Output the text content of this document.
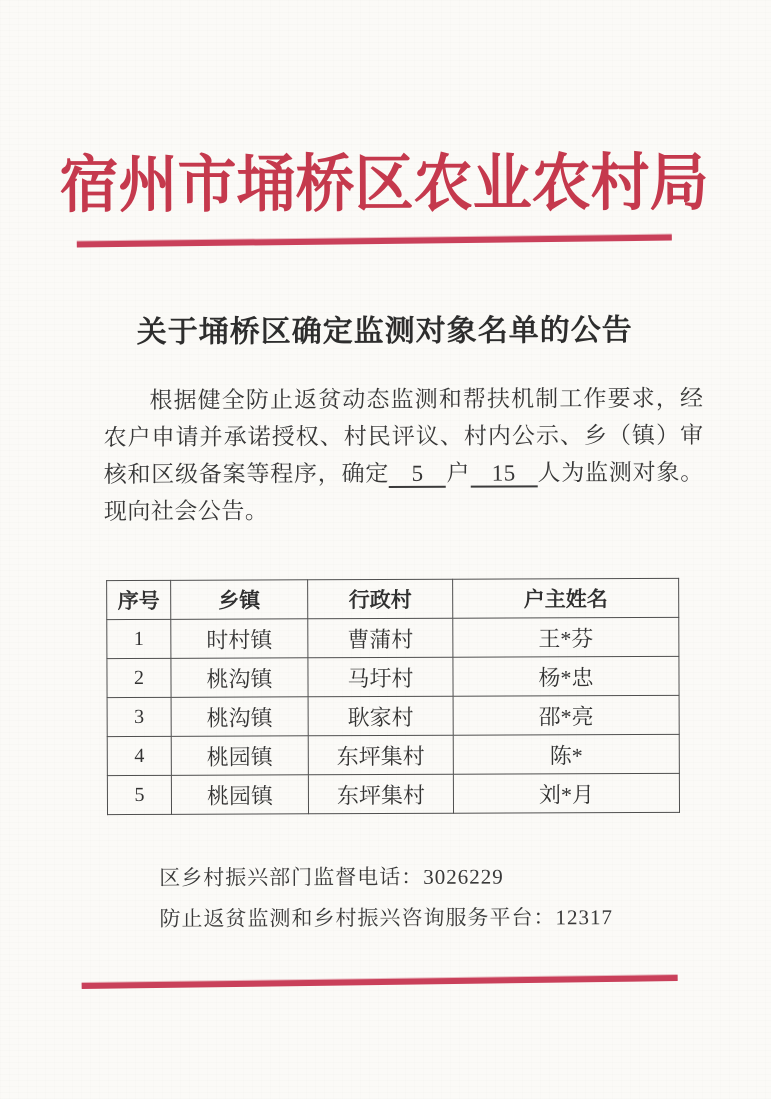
宿州市埇桥区农业农村局
关于埇桥区确定监测对象名单的公告

根据健全防止返贫动态监测和帮扶机制工作要求，经农户申请并承诺授权、村民评议、村内公示、乡（镇）审核和区级备案等程序，确定 5 户 15 人为监测对象。现向社会公告。

序号	乡镇	行政村	户主姓名
1	时村镇	曹蒲村	王*芬
2	桃沟镇	马圩村	杨*忠
3	桃沟镇	耿家村	邵*亮
4	桃园镇	东坪集村	陈*
5	桃园镇	东坪集村	刘*月

区乡村振兴部门监督电话：3026229

防止返贫监测和乡村振兴咨询服务平台：12317
